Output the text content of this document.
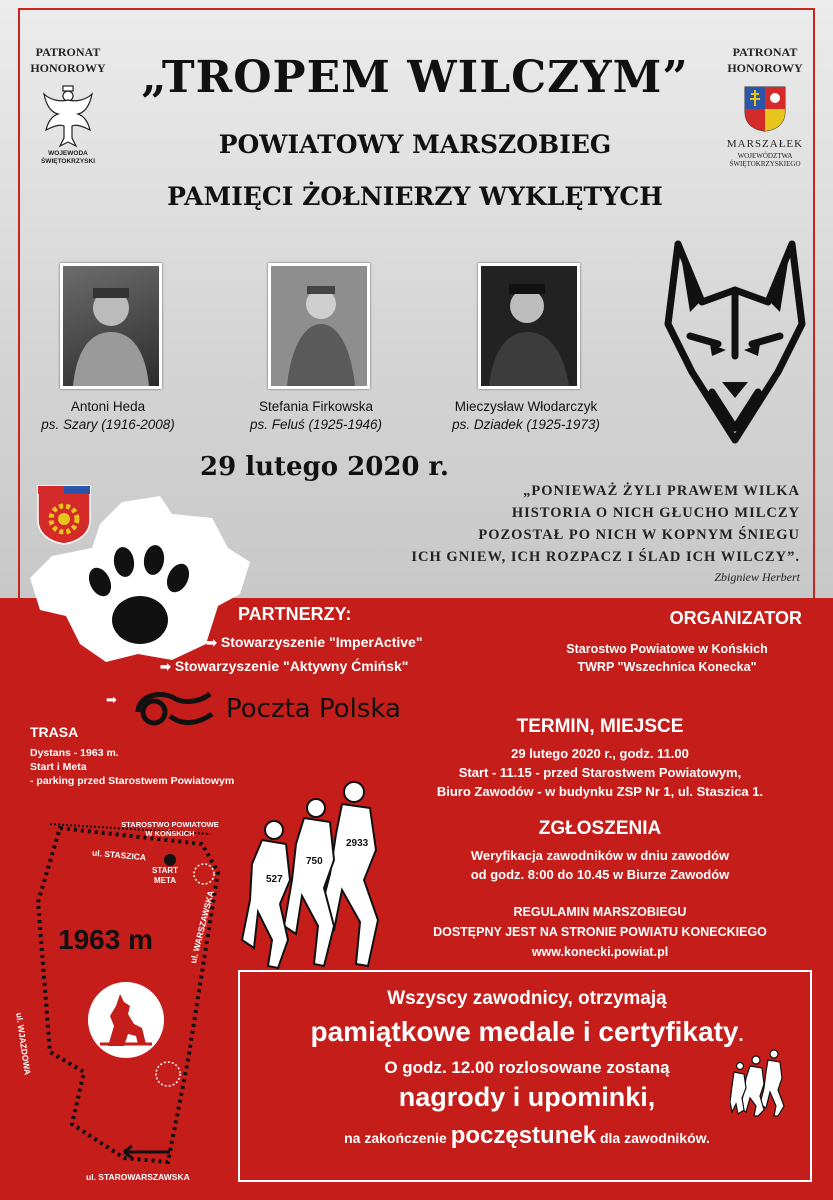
PATRONAT
HONOROWY
WOJEWODA
ŚWIĘTOKRZYSKI
PATRONAT
HONOROWY
MARSZAŁEK
WOJEWÓDZTWA
ŚWIĘTOKRZYSKIEGO
„TROPEM WILCZYM”
POWIATOWY MARSZOBIEG
PAMIĘCI ŻOŁNIERZY WYKLĘTYCH
Antoni Heda
ps. Szary (1916-2008)
Stefania Firkowska
ps. Feluś (1925-1946)
Mieczysław Włodarczyk
ps. Dziadek (1925-1973)
29 lutego 2020 r.
„PONIEWAŻ ŻYLI PRAWEM WILKA
HISTORIA O NICH GŁUCHO MILCZY
POZOSTAŁ PO NICH W KOPNYM ŚNIEGU
ICH GNIEW, ICH ROZPACZ I ŚLAD ICH WILCZY”.
Zbigniew Herbert
PARTNERZY:
➡ Stowarzyszenie "ImperActive"
➡ Stowarzyszenie "Aktywny Ćmińsk"
➡	Poczta Polska
ORGANIZATOR
Starostwo Powiatowe w Końskich
TWRP "Wszechnica Konecka"
TRASA
Dystans - 1963 m.
Start i Meta
- parking przed Starostwem Powiatowym
STAROSTWO POWIATOWE
W KOŃSKICH
ul. STASZICA
START
META
1963 m	ul. WARSZAWSKA
ul. WJAZDOWA
ul. STAROWARSZAWSKA
2933
750
527
TERMIN, MIEJSCE
29 lutego 2020 r., godz. 11.00
Start - 11.15 - przed Starostwem Powiatowym,
Biuro Zawodów - w budynku ZSP Nr 1, ul. Staszica 1.
ZGŁOSZENIA
Weryfikacja zawodników w dniu zawodów
od godz. 8:00 do 10.45 w Biurze Zawodów
REGULAMIN MARSZOBIEGU
DOSTĘPNY JEST NA STRONIE POWIATU KONECKIEGO
www.konecki.powiat.pl
Wszyscy zawodnicy, otrzymają
pamiątkowe medale i certyfikaty.
O godz. 12.00 rozlosowane zostaną
nagrody i upominki,
na zakończenie poczęstunek dla zawodników.
